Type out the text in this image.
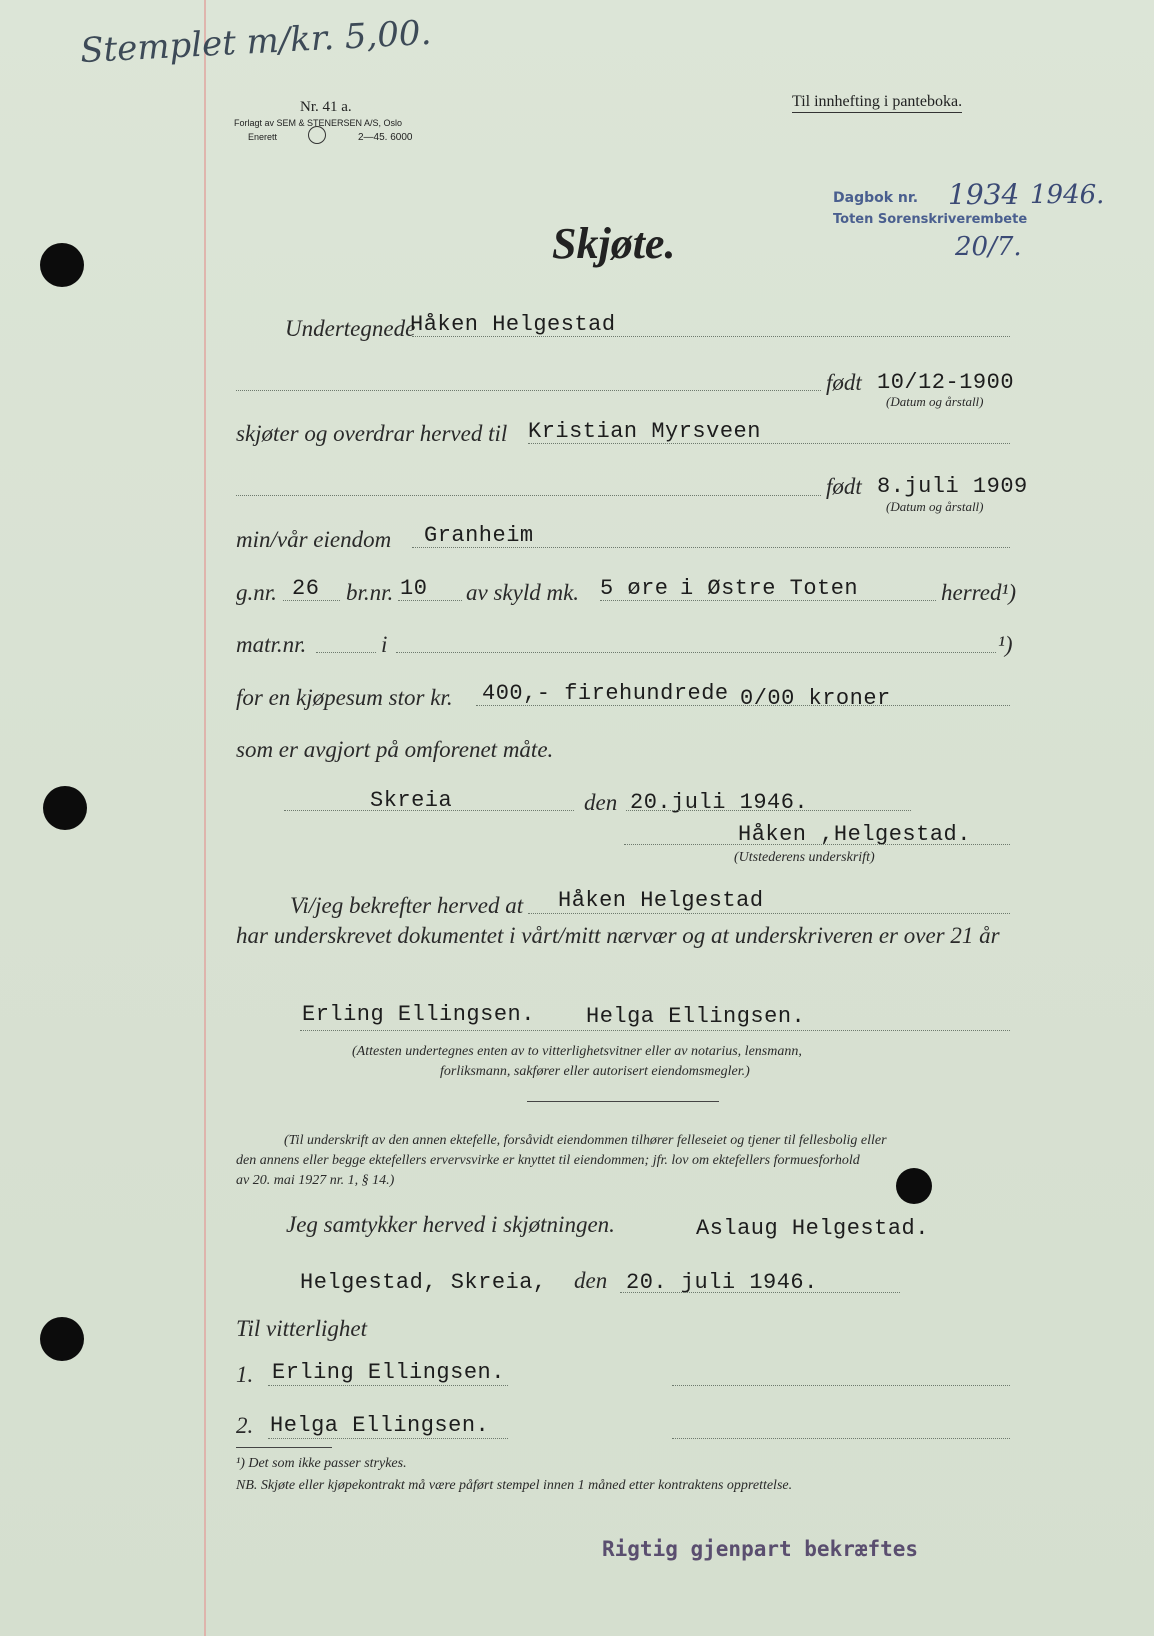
Stemplet m/kr. 5,00.
Nr. 41 a.
Forlagt av SEM & STENERSEN A/S, Oslo
Enerett	2—45. 6000
Til innhefting i panteboka.
Dagbok nr. 1934 1946.
Toten Sorenskriverembete
20/7.
Skjøte.
Undertegnede
Håken Helgestad
født 10/12-1900
(Datum og årstall)
skjøter og overdrar herved til Kristian Myrsveen
født 8.juli 1909
(Datum og årstall)
min/vår eiendom Granheim
g.nr. 26 br.nr. 10 av skyld mk. 5 øre i Østre Toten	herred¹)
matr.nr.	i	¹)
for en kjøpesum stor kr. 400,- firehundrede 0/00 kroner
som er avgjort på omforenet måte.
Skreia	den 20.juli 1946.
Håken ,Helgestad.
(Utstederens underskrift)
Vi/jeg bekrefter herved at Håken Helgestad
har underskrevet dokumentet i vårt/mitt nærvær og at underskriveren er over 21 år
Erling Ellingsen. Helga Ellingsen.
(Attesten undertegnes enten av to vitterlighetsvitner eller av notarius, lensmann,
forliksmann, sakfører eller autorisert eiendomsmegler.)
(Til underskrift av den annen ektefelle, forsåvidt eiendommen tilhører felleseiet og tjener til fellesbolig eller
den annens eller begge ektefellers ervervsvirke er knyttet til eiendommen; jfr. lov om ektefellers formuesforhold
av 20. mai 1927 nr. 1, § 14.)
Jeg samtykker herved i skjøtningen.	Aslaug Helgestad.
Helgestad, Skreia, den 20. juli 1946.
Til vitterlighet
1. Erling Ellingsen.
2. Helga Ellingsen.
¹) Det som ikke passer strykes.
NB. Skjøte eller kjøpekontrakt må være påført stempel innen 1 måned etter kontraktens opprettelse.
Rigtig gjenpart bekræftes
